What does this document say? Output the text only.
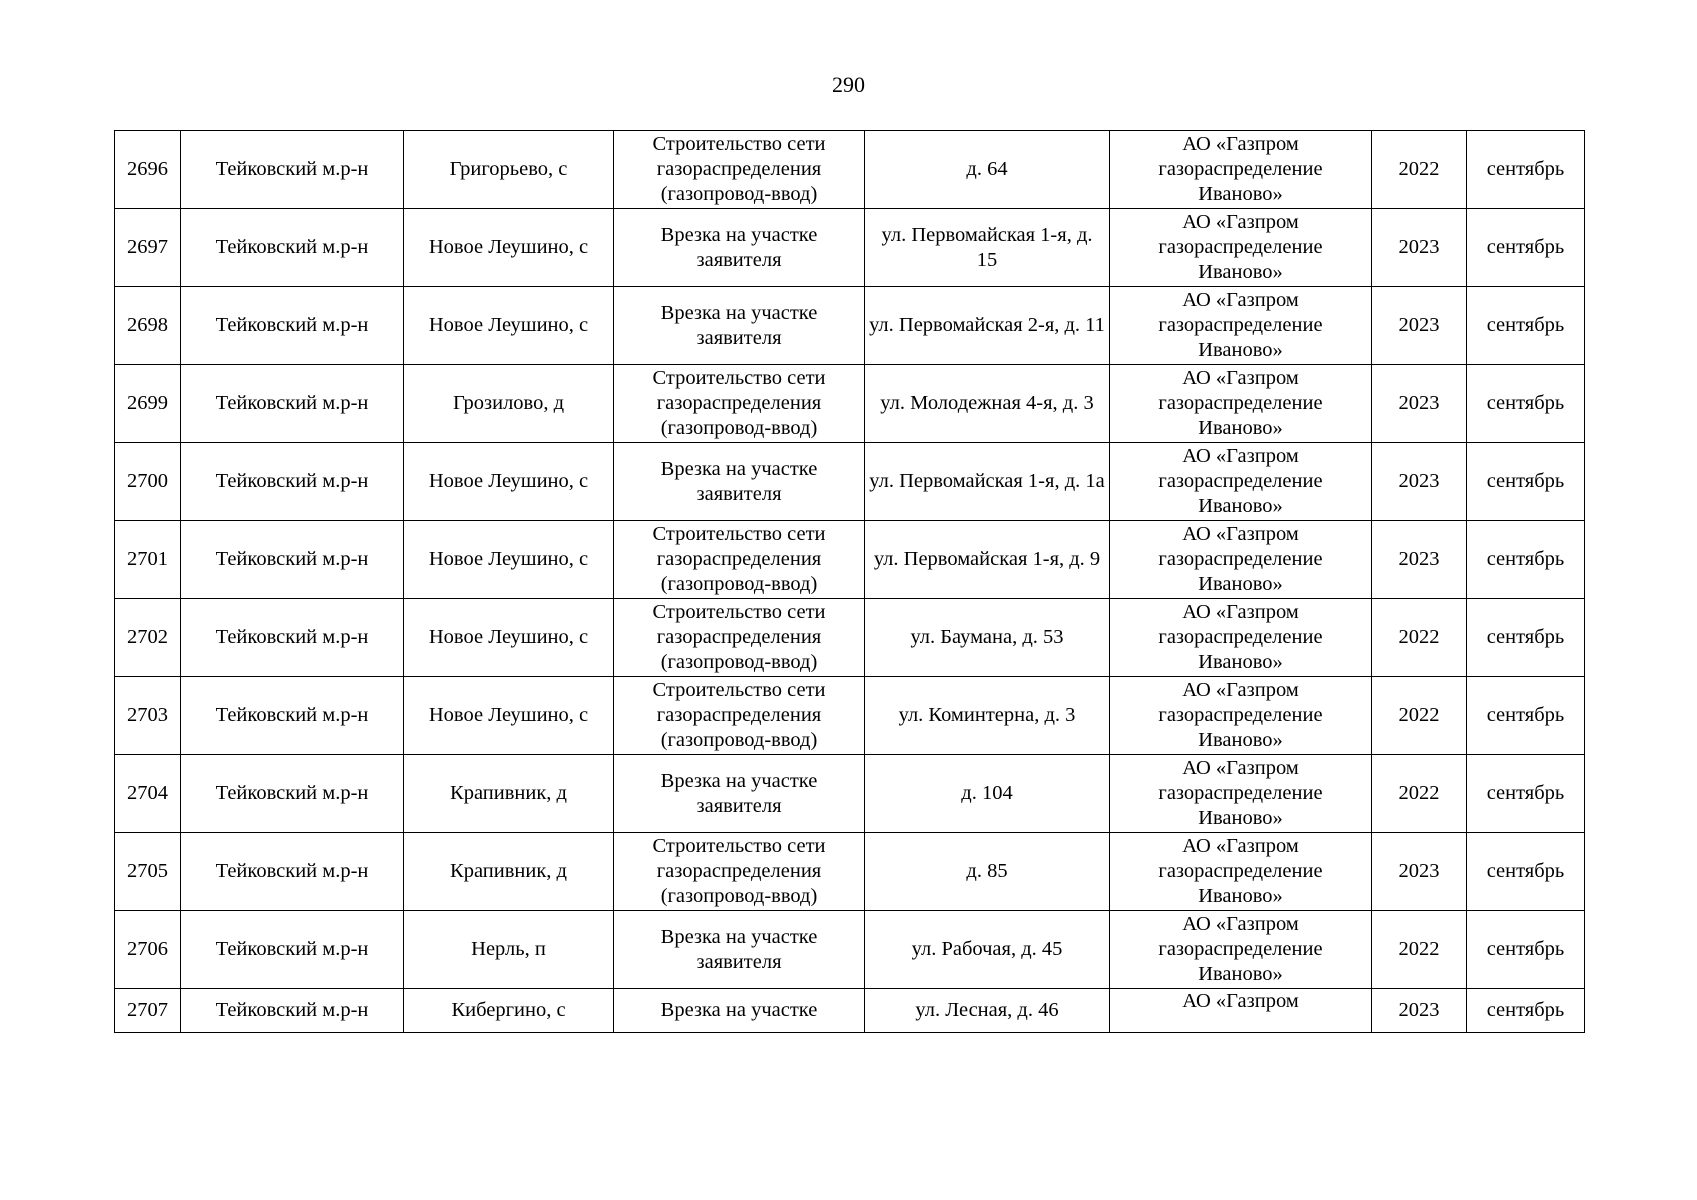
290
2696	Тейковский м.р-н	Григорьево, с	Строительство сети газораспределения (газопровод-ввод)	д. 64	АО «Газпром газораспределение Иваново»	2022	сентябрь
2697	Тейковский м.р-н	Новое Леушино, с	Врезка на участке заявителя	ул. Первомайская 1-я, д. 15	АО «Газпром газораспределение Иваново»	2023	сентябрь
2698	Тейковский м.р-н	Новое Леушино, с	Врезка на участке заявителя	ул. Первомайская 2-я, д. 11	АО «Газпром газораспределение Иваново»	2023	сентябрь
2699	Тейковский м.р-н	Грозилово, д	Строительство сети газораспределения (газопровод-ввод)	ул. Молодежная 4-я, д. 3	АО «Газпром газораспределение Иваново»	2023	сентябрь
2700	Тейковский м.р-н	Новое Леушино, с	Врезка на участке заявителя	ул. Первомайская 1-я, д. 1а	АО «Газпром газораспределение Иваново»	2023	сентябрь
2701	Тейковский м.р-н	Новое Леушино, с	Строительство сети газораспределения (газопровод-ввод)	ул. Первомайская 1-я, д. 9	АО «Газпром газораспределение Иваново»	2023	сентябрь
2702	Тейковский м.р-н	Новое Леушино, с	Строительство сети газораспределения (газопровод-ввод)	ул. Баумана, д. 53	АО «Газпром газораспределение Иваново»	2022	сентябрь
2703	Тейковский м.р-н	Новое Леушино, с	Строительство сети газораспределения (газопровод-ввод)	ул. Коминтерна, д. 3	АО «Газпром газораспределение Иваново»	2022	сентябрь
2704	Тейковский м.р-н	Крапивник, д	Врезка на участке заявителя	д. 104	АО «Газпром газораспределение Иваново»	2022	сентябрь
2705	Тейковский м.р-н	Крапивник, д	Строительство сети газораспределения (газопровод-ввод)	д. 85	АО «Газпром газораспределение Иваново»	2023	сентябрь
2706	Тейковский м.р-н	Нерль, п	Врезка на участке заявителя	ул. Рабочая, д. 45	АО «Газпром газораспределение Иваново»	2022	сентябрь
2707	Тейковский м.р-н	Кибергино, с	Врезка на участке	ул. Лесная, д. 46	АО «Газпром	2023	сентябрь
